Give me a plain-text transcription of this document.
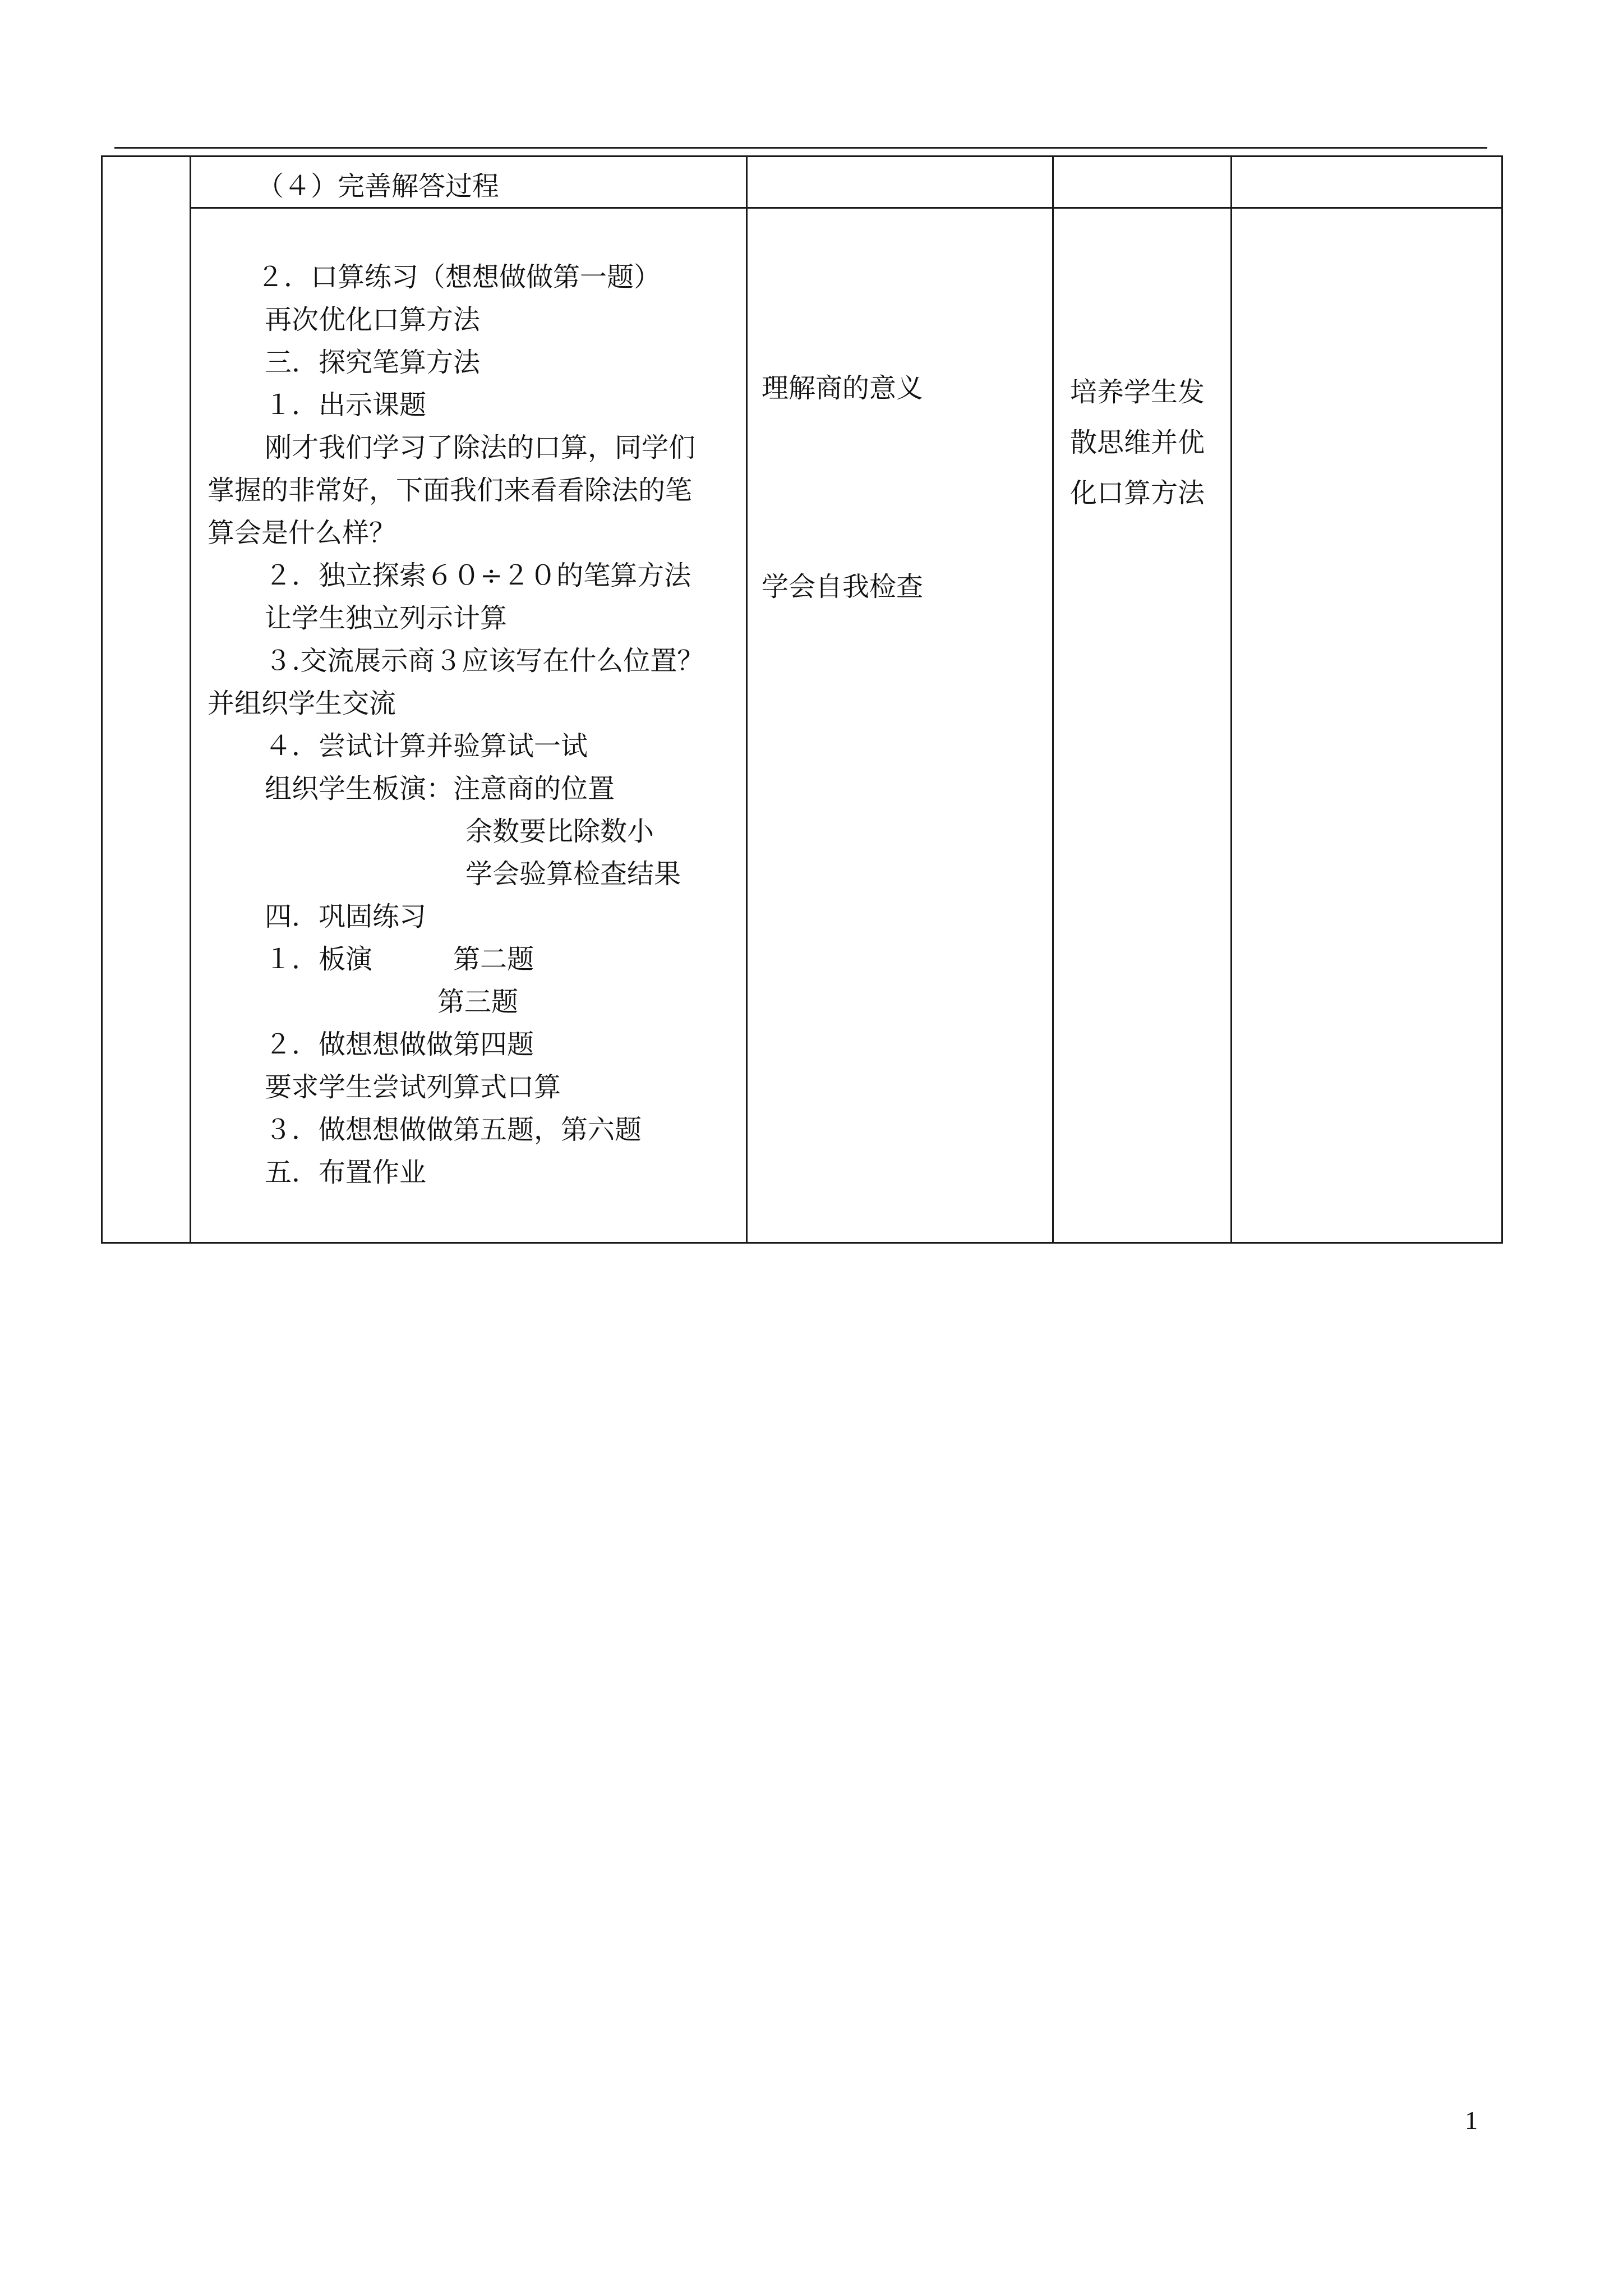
（４）完善解答过程
２．口算练习（想想做做第一题）
再次优化口算方法
三．探究笔算方法
１．出示课题
刚才我们学习了除法的口算，同学们
掌握的非常好，下面我们来看看除法的笔
算会是什么样？
２．独立探索６０÷２０的笔算方法
让学生独立列示计算
３.交流展示商３应该写在什么位置？
并组织学生交流
４．尝试计算并验算试一试
组织学生板演：注意商的位置
余数要比除数小
学会验算检查结果
四．巩固练习
１．板演　　　第二题
第三题
２．做想想做做第四题
要求学生尝试列算式口算
３．做想想做做第五题，第六题
五．布置作业
理解商的意义
学会自我检查
培养学生发
散思维并优
化口算方法
1
